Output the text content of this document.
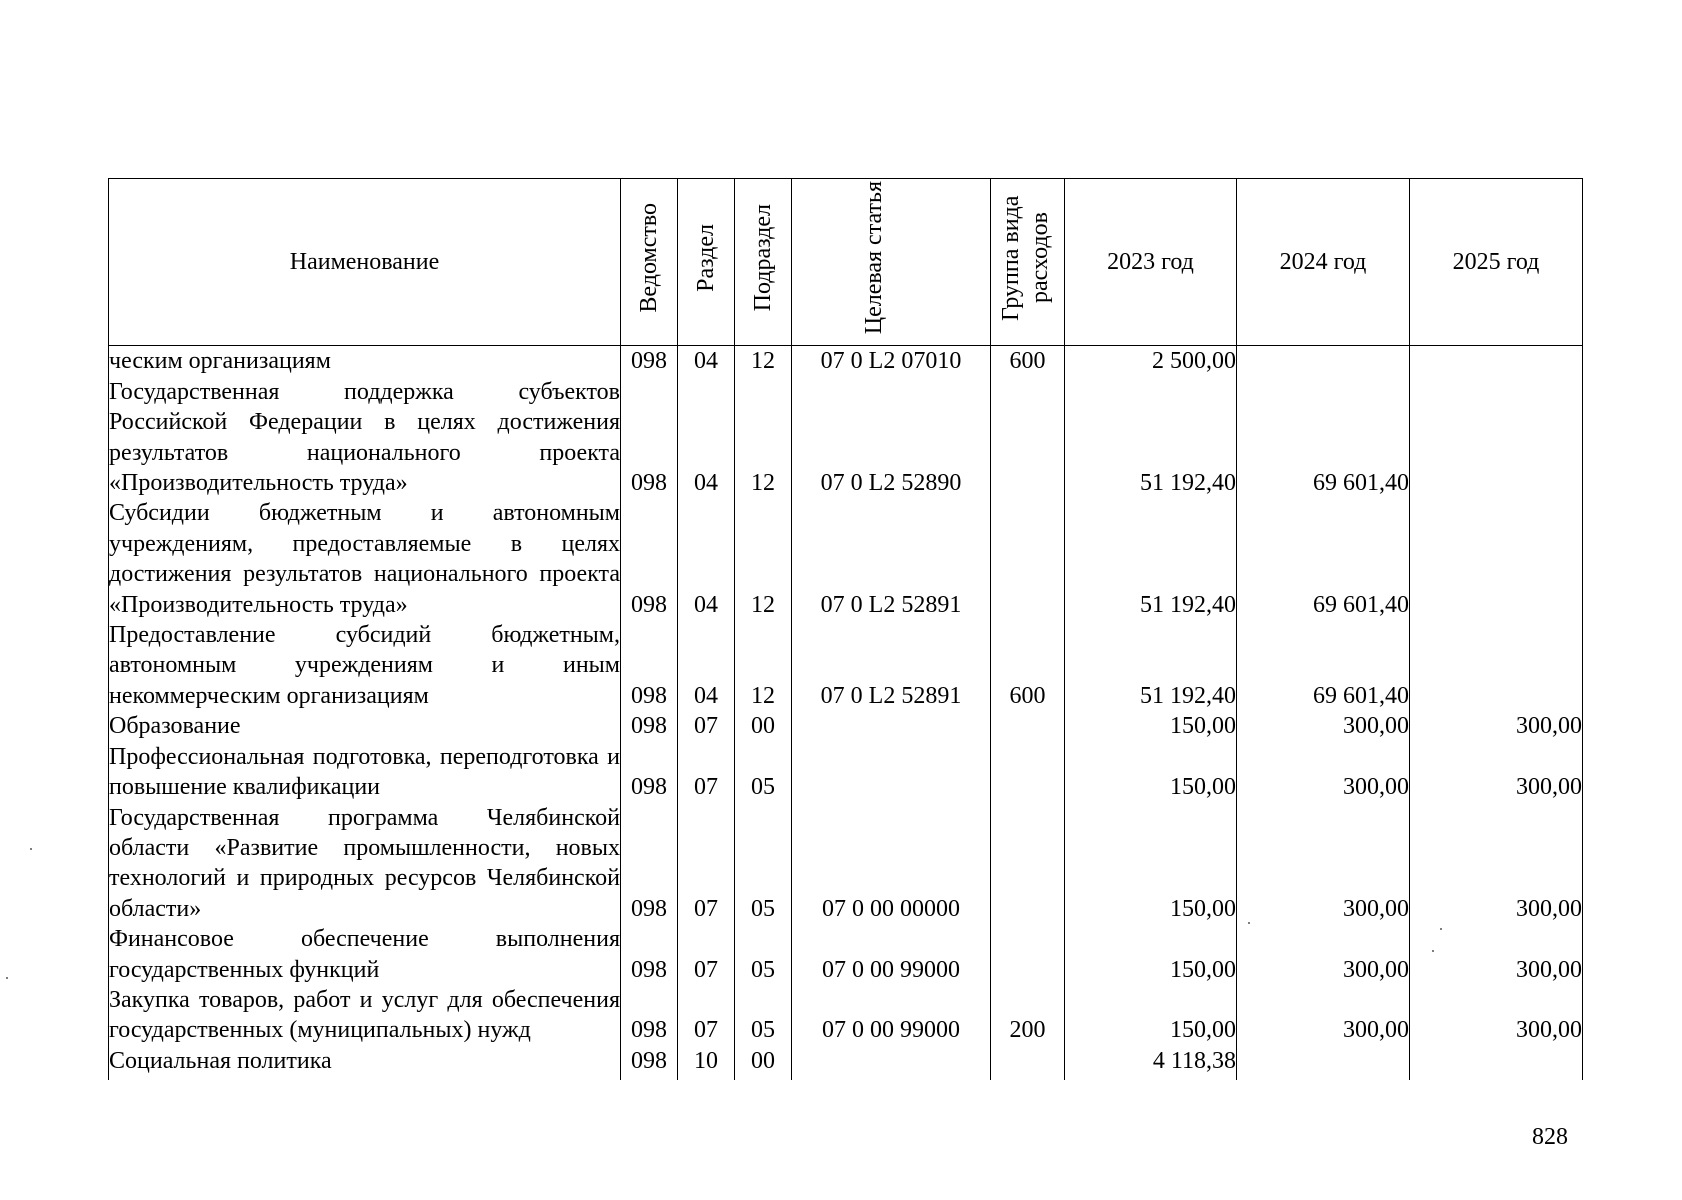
Наименование	Ведомство	Раздел	Подраздел	Целевая статья	Группа вида расходов	2023 год	2024 год	2025 год
ческим организациям	098	04	12	07 0 L2 07010	600	2 500,00		
Государственная поддержка субъектов Российской Федерации в целях достижения результатов национального проекта «Производительность труда»	098	04	12	07 0 L2 52890		51 192,40	69 601,40	
Субсидии бюджетным и автономным учреждениям, предоставляемые в целях достижения результатов национального проекта «Производительность труда»	098	04	12	07 0 L2 52891		51 192,40	69 601,40	
Предоставление субсидий бюджетным, автономным учреждениям и иным некоммерческим организациям	098	04	12	07 0 L2 52891	600	51 192,40	69 601,40	
Образование	098	07	00			150,00	300,00	300,00
Профессиональная подготовка, переподготовка и повышение квалификации	098	07	05			150,00	300,00	300,00
Государственная программа Челябинской области «Развитие промышленности, новых технологий и природных ресурсов Челябинской области»	098	07	05	07 0 00 00000		150,00	300,00	300,00
Финансовое обеспечение выполнения государственных функций	098	07	05	07 0 00 99000		150,00	300,00	300,00
Закупка товаров, работ и услуг для обеспечения государственных (муниципальных) нужд	098	07	05	07 0 00 99000	200	150,00	300,00	300,00
Социальная политика	098	10	00			4 118,38		
828
